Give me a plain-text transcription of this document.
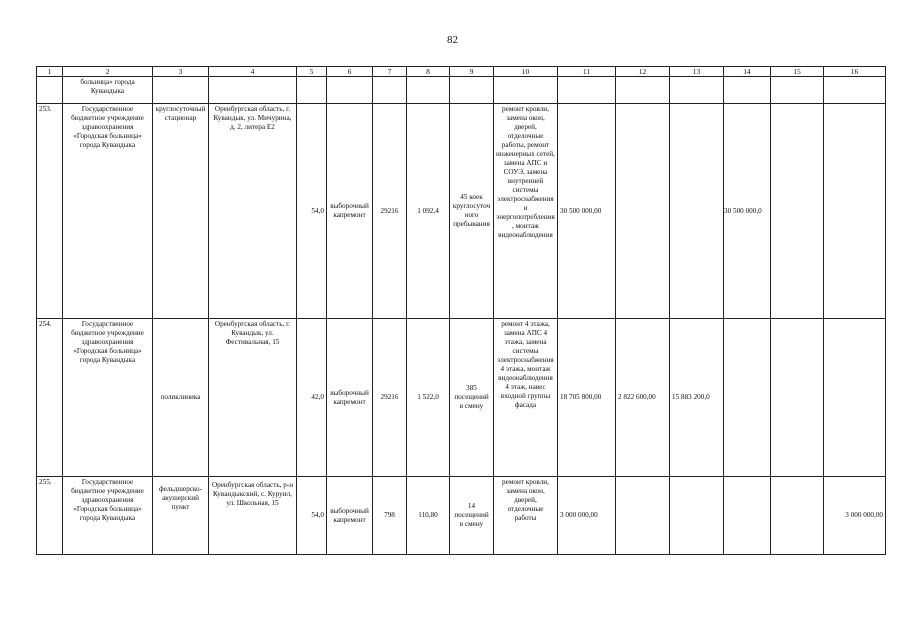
82
1	2	3	4	5	6	7	8	9	10	11	12	13	14	15	16
	больница» города Кувандыка														
253.	Государственное бюджетное учреждение здравоохранения «Городская больница» города Кувандыка	круглосуточный стационар	Оренбургская область, г. Кувандык, ул. Мичурина, д. 2, литера Е2	54,0	выборочный капремонт	29216	1 092,4	45 коек круглосуточного пребывания	ремонт кровли, замена окон, дверей, отделочные работы, ремонт инженерных сетей, замена АПС и СОУЭ, замена внутренней системы электроснабжения и энергопотребления, монтаж видеонаблюдения	30 500 000,00			30 500 000,0		
254.	Государственное бюджетное учреждение здравоохранения «Городская больница» города Кувандыка	поликлиника	Оренбургская область, г. Кувандык, ул. Фестивальная, 15	42,0	выборочный капремонт	29216	1 522,0	385 посещений в смену	ремонт 4 этажа, замена АПС 4 этажа, замена системы электроснабжения 4 этажа, монтаж видеонаблюдения 4 этаж, навес входной группы фасада	18 705 800,00	2 822 600,00	15 883 200,0			
255.	Государственное бюджетное учреждение здравоохранения «Городская больница» города Кувандыка	фельдшерско-акушерский пункт	Оренбургская область, р-н Кувандыкский, с. Куруил, ул. Школьная, 15	54,0	выборочный капремонт	798	110,80	14 посещений в смену	ремонт кровли, замена окон, дверей, отделочные работы	3 000 000,00					3 000 000,00
